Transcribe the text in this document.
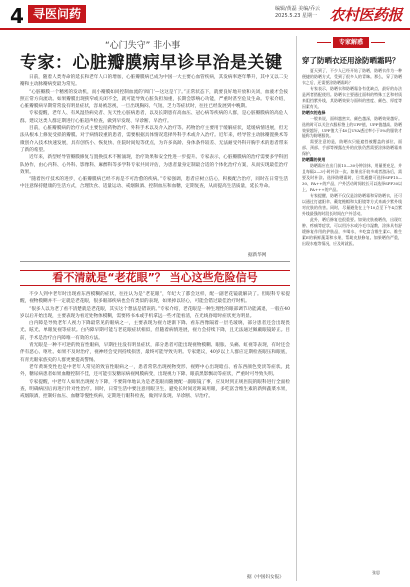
4 寻医问药	编辑/黄磊 美编/乔云
2025.5.23 星期一 农村医药报
“心门失守” 非小事
专家：心脏瓣膜病早诊早治是关键

日前，随着人类寿命的延长和老年人口的增加，心脏瓣膜病已成为中国一大主要心血管疾病，其发病率逐年攀升，其中又以二尖瓣和主动脉瓣病变最为常见。

“心脏瓣膜一个精密的发动机，而小瓣膜如同控制血流的‘阀门’—这这是‘门’。”正常状态下，就要良好地开放和关闭，血液才会按照正常方向流动。如果瓣膜出现狭窄或关闭不全，就可能导致心脏负担加重，长期会影响心功能，严重时甚至危及生命。专家介绍，心脏瓣膜病早期常常没有明显症状，容易被忽视，一旦出现胸闷、气短、乏力等症状时，往往已经发展到中晚期。

专家提醒，老年人、有风湿热病史者、先天性心脏病患者，以及长期患有高血压、冠心病等疾病的人群，是心脏瓣膜病的高危人群。建议这类人群定期进行心脏超声检查，做到早发现、早诊断、早治疗。

目前，心脏瓣膜病的治疗方式主要包括药物治疗、外科手术以及介入治疗等。药物治疗主要用于缓解症状，延缓病情进展，但无法从根本上修复受损的瓣膜。对于病情较重的患者，需要根据具体情况选择外科手术或介入治疗。近年来，经导管主动脉瓣置换术等微创介入技术快速发展，具有创伤小、恢复快、住院时间短等优点，为许多高龄、身体条件较差、无法耐受外科开胸手术的患者带来了新的希望。

近年来，新型经导管瓣膜修复与置换技术不断涌现，治疗效果和安全性进一步提升。专家表示，心脏瓣膜病的治疗需要多学科团队协作，由心内科、心外科、影像科、麻醉科等多学科专家共同评估，为患者量身定制最合适的个体化治疗方案，从而实现最佳治疗效果。

“随着医疗技术的进步，心脏瓣膜病已经不再是不可治愈的疾病。”专家强调，患者应树立信心，积极配合治疗，同时在日常生活中注意保持健康的生活方式，合理饮食、适量运动、戒烟限酒、控制血压和血糖，定期复查，从而提高生活质量，延长寿命。

据新华网
看不清就是“老花眼”？ 当心这些危险信号

不少人到中老年时出现看东西模糊的症状，往往认为是“老花眼”，年纪大了都会这样，配一副老花镜就解决了。但眼科专家提醒，视物模糊并不一定就是老花眼，很多眼部疾病也会有类似的表现，如果掉以轻心，可能会错过最佳治疗时机。

“很多人以为老了看不清楚就是老花眼，其实这个想法是错误的。”专家介绍，老花眼是一种生理性的眼部调节功能减退，一般在40岁以后开始出现，主要表现为看近处物体模糊，需要将书本或手机拿远一些才能看清，在光线昏暗时症状更为明显。

白内障是导致老年人视力下降最常见的眼病之一，主要表现为视力逐渐下降、看东西像隔着一层毛玻璃，部分患者还会出现畏光、眩光、单眼复视等症状。白内障早期可能与老花眼症状相似，但随着病情进展，视力会持续下降，且无法通过佩戴眼镜矫正。目前，手术是治疗白内障唯一有效的方法。

青光眼是一种不可逆的致盲性眼病，早期往往没有明显症状，部分患者可能出现视物模糊、眼胀、头痛、虹视等表现，有时还会伴有恶心、呕吐。如果不及时治疗，视神经会受到持续损害，最终可能导致失明。专家建议，40岁以上人群应定期检查眼压和眼底，有青光眼家族史的人群更要提高警惕。

老年黄斑变性也是中老年人常见的致盲性眼病之一，患者常常出现视物变形、视野中心出现暗点、看东西颜色变淡等症状。此外，糖尿病患者如果血糖控制不佳，还可能引发糖尿病视网膜病变，出现视力下降、眼前黑影飘动等症状，严重时可导致失明。

专家提醒，中老年人如果出现视力下降，不要简单地认为是老花眼而随便配一副眼镜了事，应及时到正规医院的眼科进行全面检查，明确病因后再进行针对性治疗。同时，日常生活中要注意用眼卫生，避免长时间近距离用眼，多吃富含维生素的新鲜蔬菜水果，戒烟限酒，控制好血压、血糖等慢性疾病，定期进行眼科检查，做到早发现、早诊断、早治疗。

据《中国妇女报》
专家解惑
穿了防晒衣还用涂防晒霜吗？

夏天到了，不少人已经开始了防晒，防晒衣作为一种便捷的防晒方式，受到了很多人的青睐。那么，穿了防晒衣之后，还需要涂防晒霜吗？

专家表示，防晒衣和防晒霜各有优缺点，最好的办法是两者搭配使用。防晒衣主要通过面料的特殊工艺和材质来阻挡紫外线，其防晒效果与面料的密度、颜色、厚度等因素有关。

防晒衣的选择

一般来说，面料越密实、颜色越深，防晒效果越好。选购时可以关注衣服标签上的UPF值，UPF值越高，防晒效果越好，UPF值大于40且UVA透过率小于5%的服装才能称为防晒服装。

需要注意的是，防晒衣只能遮挡被覆盖的部位，面部、颈部、手部等裸露在外的皮肤仍然需要涂抹防晒霜来保护。

防晒霜的使用

防晒霜应在出门前15—30分钟涂抹，用量要充足，并且每隔2—3小时补涂一次。如果出汗较多或者游泳后，需要及时补涂。选择防晒霜时，日常通勤可选择SPF15—30、PA++的产品，户外活动时间较长可以选择SPF30以上、PA+++的产品。

专家提醒，防晒不仅仅是涂防晒霜和穿防晒衣，还可以通过打遮阳伞、戴宽檐帽和太阳镜等方式来减少紫外线对皮肤的伤害。同时，尽量避免在上午10点至下午4点紫外线最强的时段长时间在户外活动。

此外，晒后修复也很重要。如果皮肤被晒伤，出现红肿、疼痛等症状，可以用冷水或冷毛巾湿敷，涂抹具有舒缓修复作用的护肤品，多喝水，多吃富含维生素C、维生素E的新鲜蔬菜和水果，帮助皮肤修复。如果晒伤严重，出现水疱等情况，应及时就医。

张思
